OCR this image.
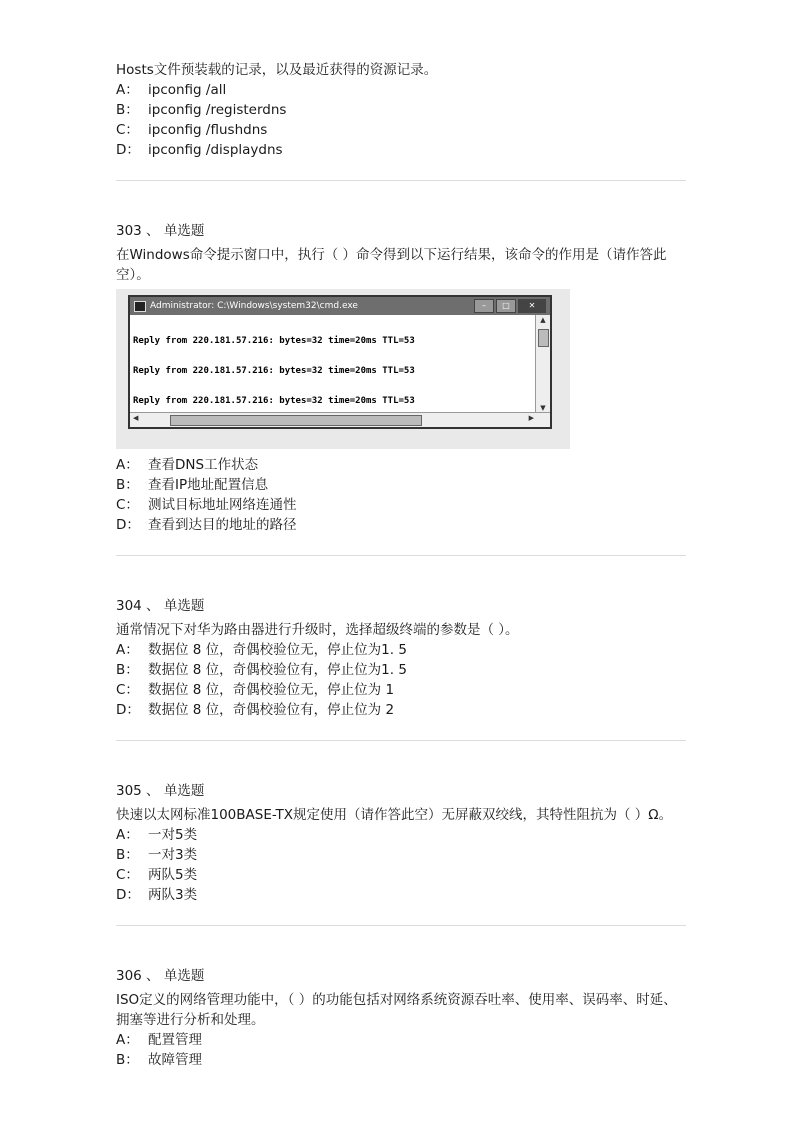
Hosts文件预装载的记录，以及最近获得的资源记录。
A： ipconfig /all
B： ipconfig /registerdns
C： ipconfig /flushdns
D： ipconfig /displaydns
303 、 单选题
在Windows命令提示窗口中，执行（ ）命令得到以下运行结果，该命令的作用是（请作答此空）。
Administrator: C:\Windows\system32\cmd.exe	–	□	✕

Reply from 220.181.57.216: bytes=32 time=20ms TTL=53

Reply from 220.181.57.216: bytes=32 time=20ms TTL=53

Reply from 220.181.57.216: bytes=32 time=20ms TTL=53

▲
▼
◀	▶
A： 查看DNS工作状态
B： 查看IP地址配置信息
C： 测试目标地址网络连通性
D： 查看到达目的地址的路径
304 、 单选题
通常情况下对华为路由器进行升级时，选择超级终端的参数是（ ）。
A： 数据位 8 位，奇偶校验位无，停止位为1. 5
B： 数据位 8 位，奇偶校验位有，停止位为1. 5
C： 数据位 8 位，奇偶校验位无，停止位为 1
D： 数据位 8 位，奇偶校验位有，停止位为 2
305 、 单选题
快速以太网标准100BASE-TX规定使用（请作答此空）无屏蔽双绞线，其特性阻抗为（ ）Ω。
A： 一对5类
B： 一对3类
C： 两队5类
D： 两队3类
306 、 单选题
ISO定义的网络管理功能中，（ ）的功能包括对网络系统资源吞吐率、使用率、误码率、时延、拥塞等进行分析和处理。
A： 配置管理
B： 故障管理
